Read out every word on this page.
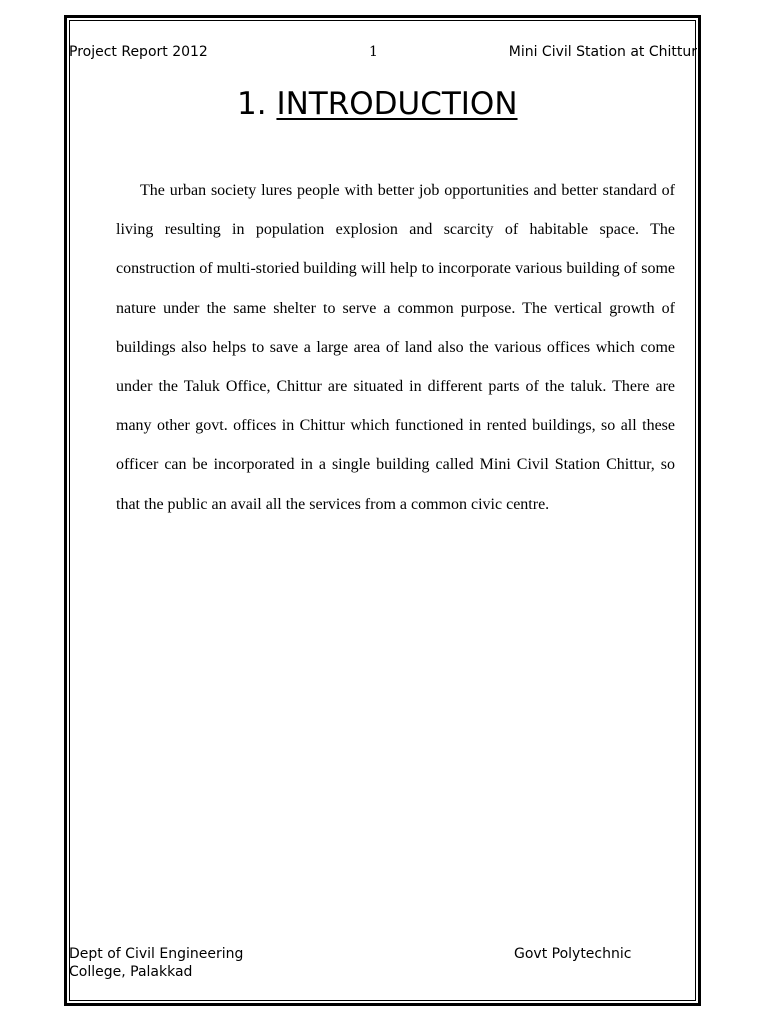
Project Report 2012	1	Mini Civil Station at Chittur
1. INTRODUCTION

The urban society lures people with better job opportunities and better standard of living resulting in population explosion and scarcity of habitable space. The construction of multi-storied building will help to incorporate various building of some nature under the same shelter to serve a common purpose. The vertical growth of buildings also helps to save a large area of land also the various offices which come under the Taluk Office, Chittur are situated in different parts of the taluk. There are many other govt. offices in Chittur which functioned in rented buildings, so all these officer can be incorporated in a single building called Mini Civil Station Chittur, so that the public an avail all the services from a common civic centre.

Dept of Civil Engineering	Govt Polytechnic
College, Palakkad
